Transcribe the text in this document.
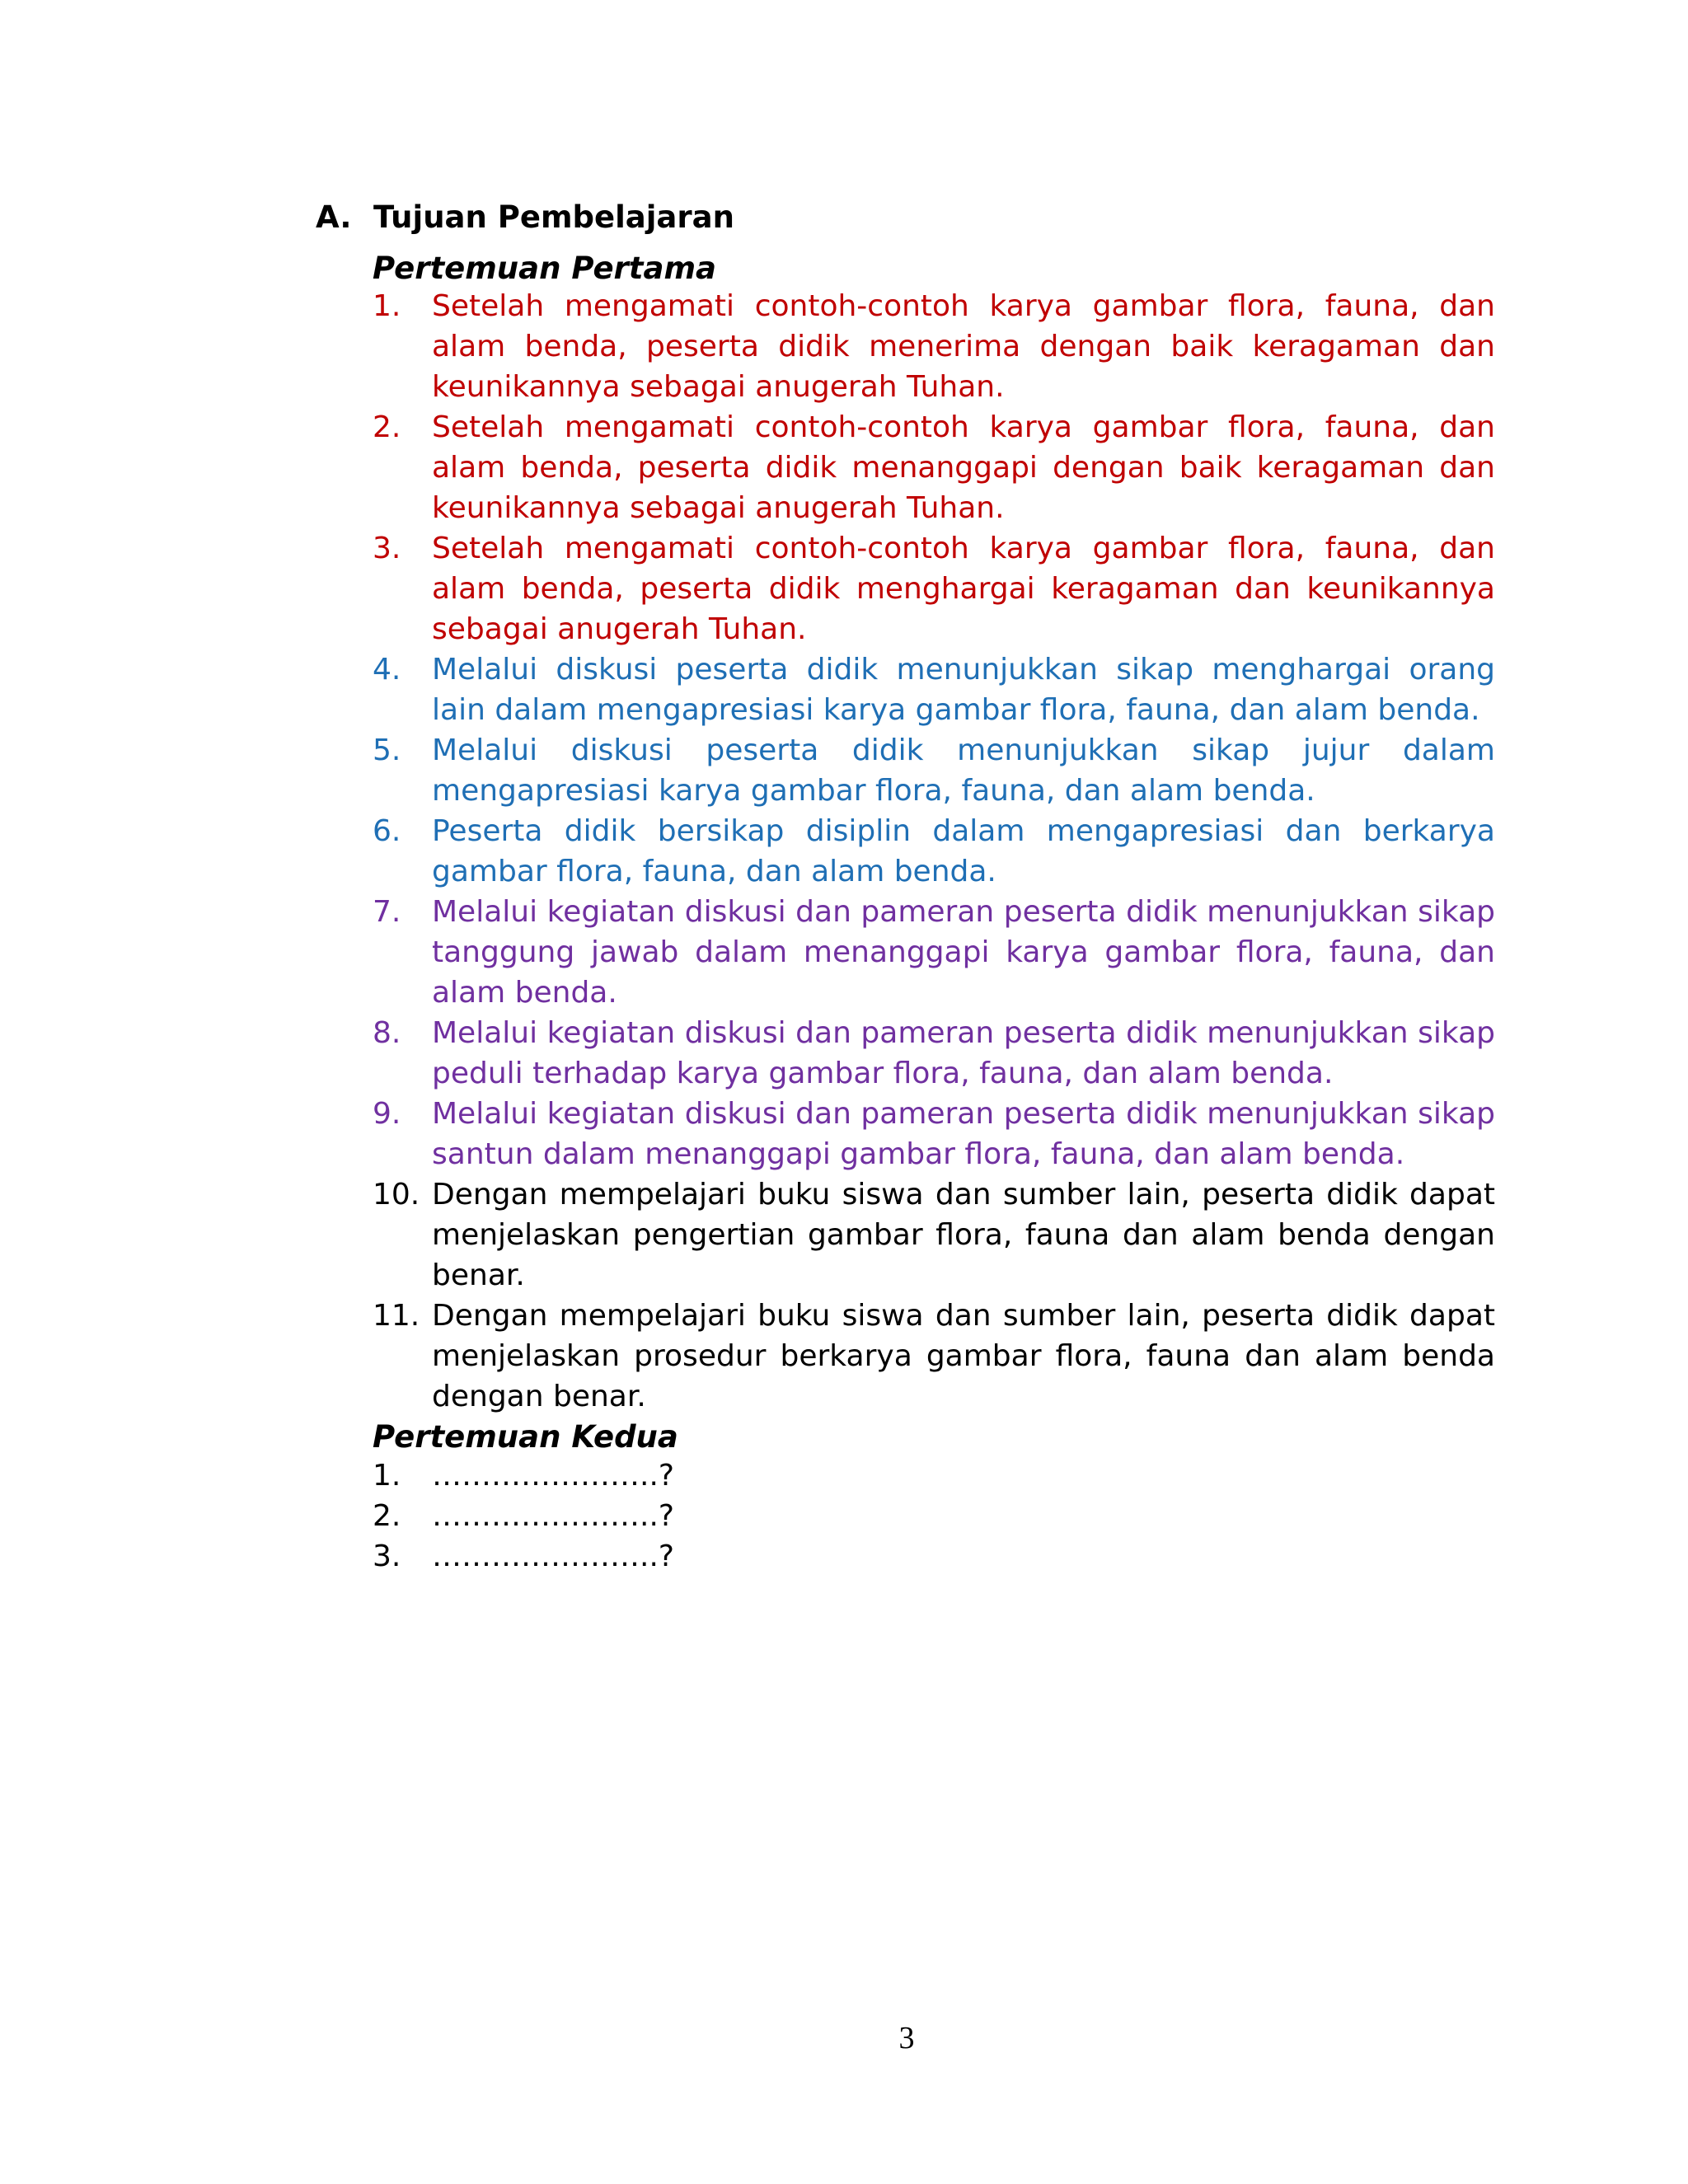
A. Tujuan Pembelajaran
Pertemuan Pertama
1. Setelah mengamati contoh-contoh karya gambar flora, fauna, dan alam benda, peserta didik menerima dengan baik keragaman dan keunikannya sebagai anugerah Tuhan.
2. Setelah mengamati contoh-contoh karya gambar flora, fauna, dan alam benda, peserta didik menanggapi dengan baik keragaman dan keunikannya sebagai anugerah Tuhan.
3. Setelah mengamati contoh-contoh karya gambar flora, fauna, dan alam benda, peserta didik menghargai keragaman dan keunikannya sebagai anugerah Tuhan.
4. Melalui diskusi peserta didik menunjukkan sikap menghargai orang lain dalam mengapresiasi karya gambar flora, fauna, dan alam benda.
5. Melalui diskusi peserta didik menunjukkan sikap jujur dalam mengapresiasi karya gambar flora, fauna, dan alam benda.
6. Peserta didik bersikap disiplin dalam mengapresiasi dan berkarya gambar flora, fauna, dan alam benda.
7. Melalui kegiatan diskusi dan pameran peserta didik menunjukkan sikap tanggung jawab dalam menanggapi karya gambar flora, fauna, dan alam benda.
8. Melalui kegiatan diskusi dan pameran peserta didik menunjukkan sikap peduli terhadap karya gambar flora, fauna, dan alam benda.
9. Melalui kegiatan diskusi dan pameran peserta didik menunjukkan sikap santun dalam menanggapi gambar flora, fauna, dan alam benda.
10. Dengan mempelajari buku siswa dan sumber lain, peserta didik dapat menjelaskan pengertian gambar flora, fauna dan alam benda dengan benar.
11. Dengan mempelajari buku siswa dan sumber lain, peserta didik dapat menjelaskan prosedur berkarya gambar flora, fauna dan alam benda dengan benar.
Pertemuan Kedua
1. …………………..?
2. …………………..?
3. …………………..?
3
